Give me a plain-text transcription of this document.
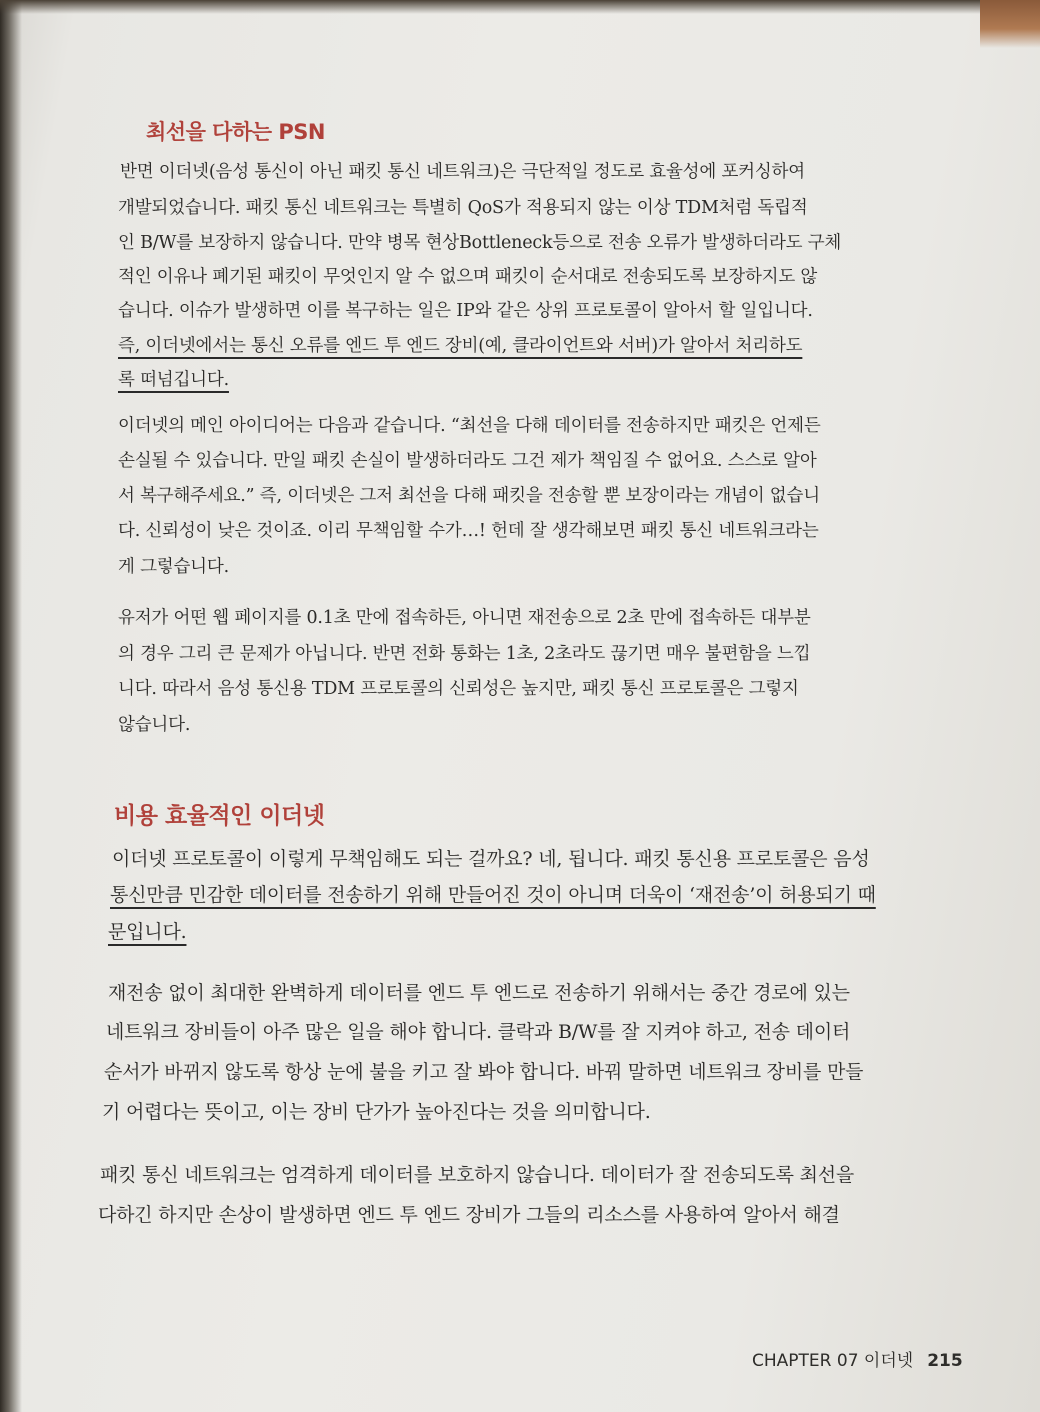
최선을 다하는 PSN
반면 이더넷(음성 통신이 아닌 패킷 통신 네트워크)은 극단적일 정도로 효율성에 포커싱하여
개발되었습니다. 패킷 통신 네트워크는 특별히 QoS가 적용되지 않는 이상 TDM처럼 독립적
인 B/W를 보장하지 않습니다. 만약 병목 현상Bottleneck등으로 전송 오류가 발생하더라도 구체
적인 이유나 폐기된 패킷이 무엇인지 알 수 없으며 패킷이 순서대로 전송되도록 보장하지도 않
습니다. 이슈가 발생하면 이를 복구하는 일은 IP와 같은 상위 프로토콜이 알아서 할 일입니다.
즉, 이더넷에서는 통신 오류를 엔드 투 엔드 장비(예, 클라이언트와 서버)가 알아서 처리하도
록 떠넘깁니다.
이더넷의 메인 아이디어는 다음과 같습니다. “최선을 다해 데이터를 전송하지만 패킷은 언제든
손실될 수 있습니다. 만일 패킷 손실이 발생하더라도 그건 제가 책임질 수 없어요. 스스로 알아
서 복구해주세요.” 즉, 이더넷은 그저 최선을 다해 패킷을 전송할 뿐 보장이라는 개념이 없습니
다. 신뢰성이 낮은 것이죠. 이리 무책임할 수가…! 헌데 잘 생각해보면 패킷 통신 네트워크라는
게 그렇습니다.
유저가 어떤 웹 페이지를 0.1초 만에 접속하든, 아니면 재전송으로 2초 만에 접속하든 대부분
의 경우 그리 큰 문제가 아닙니다. 반면 전화 통화는 1초, 2초라도 끊기면 매우 불편함을 느낍
니다. 따라서 음성 통신용 TDM 프로토콜의 신뢰성은 높지만, 패킷 통신 프로토콜은 그렇지
않습니다.
비용 효율적인 이더넷
이더넷 프로토콜이 이렇게 무책임해도 되는 걸까요? 네, 됩니다. 패킷 통신용 프로토콜은 음성
통신만큼 민감한 데이터를 전송하기 위해 만들어진 것이 아니며 더욱이 ‘재전송’이 허용되기 때
문입니다.
재전송 없이 최대한 완벽하게 데이터를 엔드 투 엔드로 전송하기 위해서는 중간 경로에 있는
네트워크 장비들이 아주 많은 일을 해야 합니다. 클락과 B/W를 잘 지켜야 하고, 전송 데이터
순서가 바뀌지 않도록 항상 눈에 불을 키고 잘 봐야 합니다. 바꿔 말하면 네트워크 장비를 만들
기 어렵다는 뜻이고, 이는 장비 단가가 높아진다는 것을 의미합니다.
패킷 통신 네트워크는 엄격하게 데이터를 보호하지 않습니다. 데이터가 잘 전송되도록 최선을
다하긴 하지만 손상이 발생하면 엔드 투 엔드 장비가 그들의 리소스를 사용하여 알아서 해결
CHAPTER 07 이더넷 215
